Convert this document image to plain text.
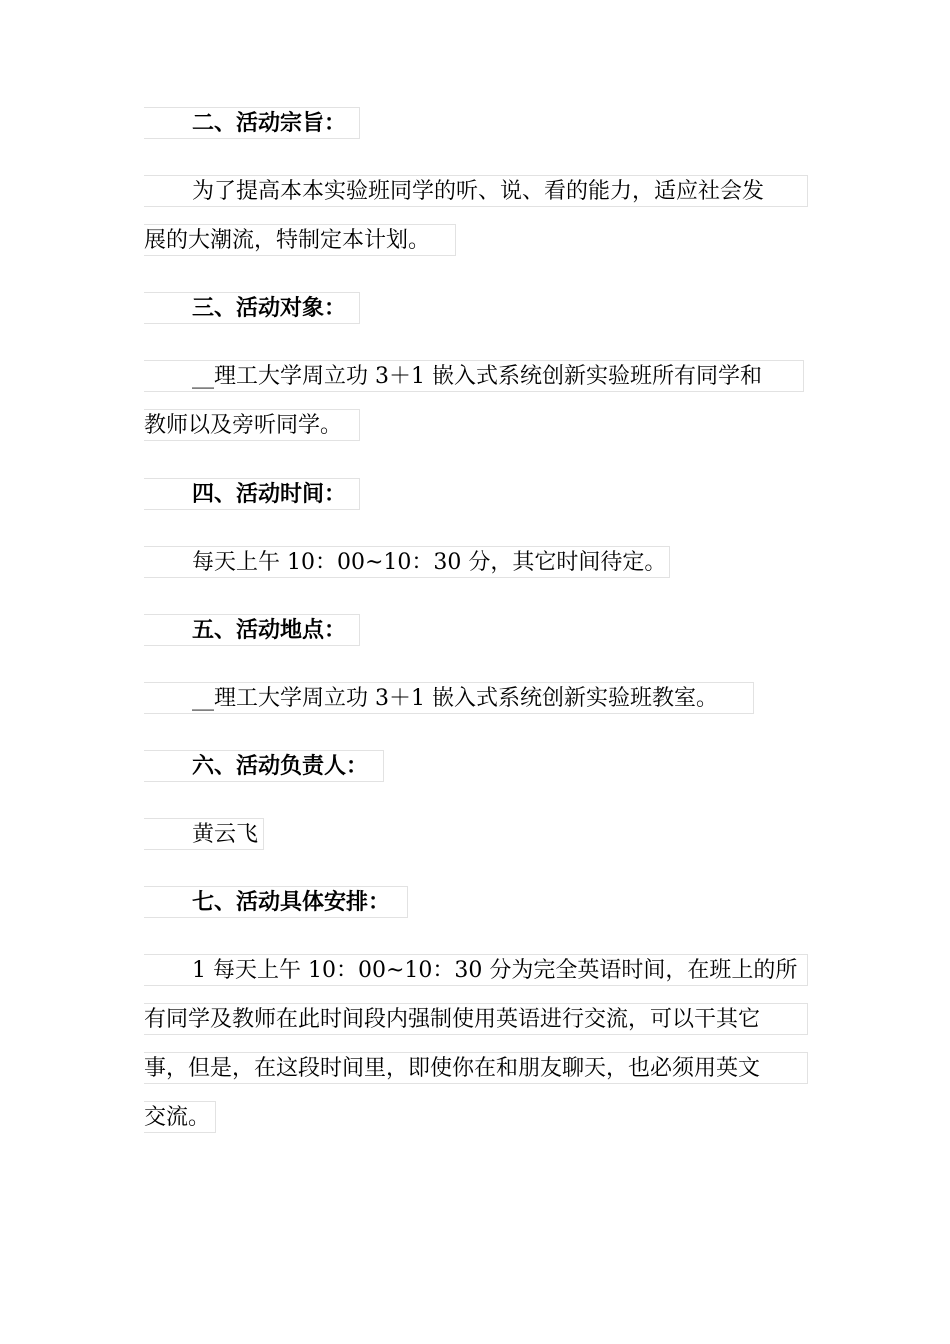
二、活动宗旨：
为了提高本本实验班同学的听、说、看的能力，适应社会发
展的大潮流，特制定本计划。
三、活动对象：
__理工大学周立功 3＋1 嵌入式系统创新实验班所有同学和
教师以及旁听同学。
四、活动时间：
每天上午 10：00~10：30 分，其它时间待定。
五、活动地点：
__理工大学周立功 3＋1 嵌入式系统创新实验班教室。
六、活动负责人：
黄云飞
七、活动具体安排：
1 每天上午 10：00~10：30 分为完全英语时间，在班上的所
有同学及教师在此时间段内强制使用英语进行交流，可以干其它
事，但是，在这段时间里，即使你在和朋友聊天，也必须用英文
交流。
